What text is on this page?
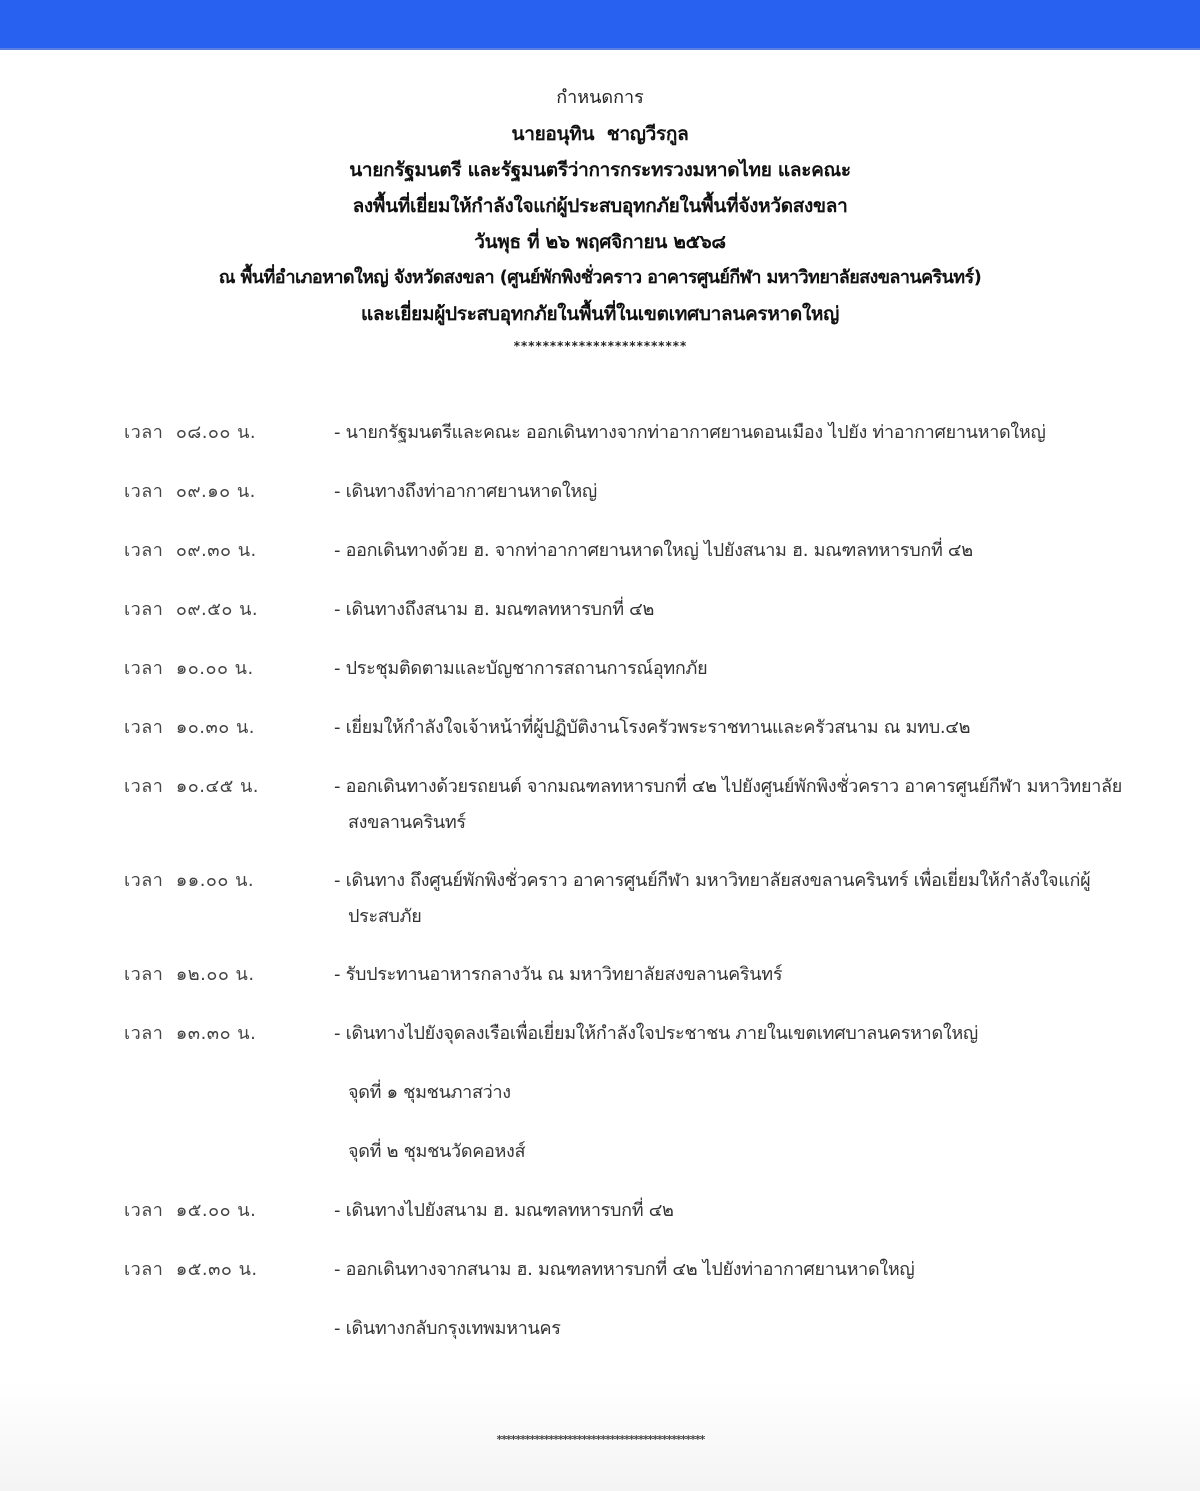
กำหนดการ
นายอนุทิน  ชาญวีรกูล
นายกรัฐมนตรี และรัฐมนตรีว่าการกระทรวงมหาดไทย และคณะ
ลงพื้นที่เยี่ยมให้กำลังใจแก่ผู้ประสบอุทกภัยในพื้นที่จังหวัดสงขลา
วันพุธ ที่ ๒๖ พฤศจิกายน ๒๕๖๘
ณ พื้นที่อำเภอหาดใหญ่ จังหวัดสงขลา (ศูนย์พักพิงชั่วคราว อาคารศูนย์กีฬา มหาวิทยาลัยสงขลานครินทร์)
และเยี่ยมผู้ประสบอุทกภัยในพื้นที่ในเขตเทศบาลนครหาดใหญ่
************************
เวลา  ๐๘.๐๐ น.	- นายกรัฐมนตรีและคณะ ออกเดินทางจากท่าอากาศยานดอนเมือง ไปยัง ท่าอากาศยานหาดใหญ่
เวลา  ๐๙.๑๐ น.	- เดินทางถึงท่าอากาศยานหาดใหญ่
เวลา  ๐๙.๓๐ น.	- ออกเดินทางด้วย ฮ. จากท่าอากาศยานหาดใหญ่ ไปยังสนาม ฮ. มณฑลทหารบกที่ ๔๒
เวลา  ๐๙.๕๐ น.	- เดินทางถึงสนาม ฮ. มณฑลทหารบกที่ ๔๒
เวลา  ๑๐.๐๐ น.	- ประชุมติดตามและบัญชาการสถานการณ์อุทกภัย
เวลา  ๑๐.๓๐ น.	- เยี่ยมให้กำลังใจเจ้าหน้าที่ผู้ปฏิบัติงานโรงครัวพระราชทานและครัวสนาม ณ มทบ.๔๒
เวลา  ๑๐.๔๕ น.	- ออกเดินทางด้วยรถยนต์ จากมณฑลทหารบกที่ ๔๒ ไปยังศูนย์พักพิงชั่วคราว อาคารศูนย์กีฬา มหาวิทยาลัยสงขลานครินทร์
เวลา  ๑๑.๐๐ น.	- เดินทาง ถึงศูนย์พักพิงชั่วคราว อาคารศูนย์กีฬา มหาวิทยาลัยสงขลานครินทร์ เพื่อเยี่ยมให้กำลังใจแก่ผู้ประสบภัย
เวลา  ๑๒.๐๐ น.	- รับประทานอาหารกลางวัน ณ มหาวิทยาลัยสงขลานครินทร์
เวลา  ๑๓.๓๐ น.	- เดินทางไปยังจุดลงเรือเพื่อเยี่ยมให้กำลังใจประชาชน ภายในเขตเทศบาลนครหาดใหญ่
จุดที่ ๑ ชุมชนภาสว่าง
จุดที่ ๒ ชุมชนวัดคอหงส์
เวลา  ๑๕.๐๐ น.	- เดินทางไปยังสนาม ฮ. มณฑลทหารบกที่ ๔๒
เวลา  ๑๕.๓๐ น.	- ออกเดินทางจากสนาม ฮ. มณฑลทหารบกที่ ๔๒ ไปยังท่าอากาศยานหาดใหญ่
- เดินทางกลับกรุงเทพมหานคร
********************************************
